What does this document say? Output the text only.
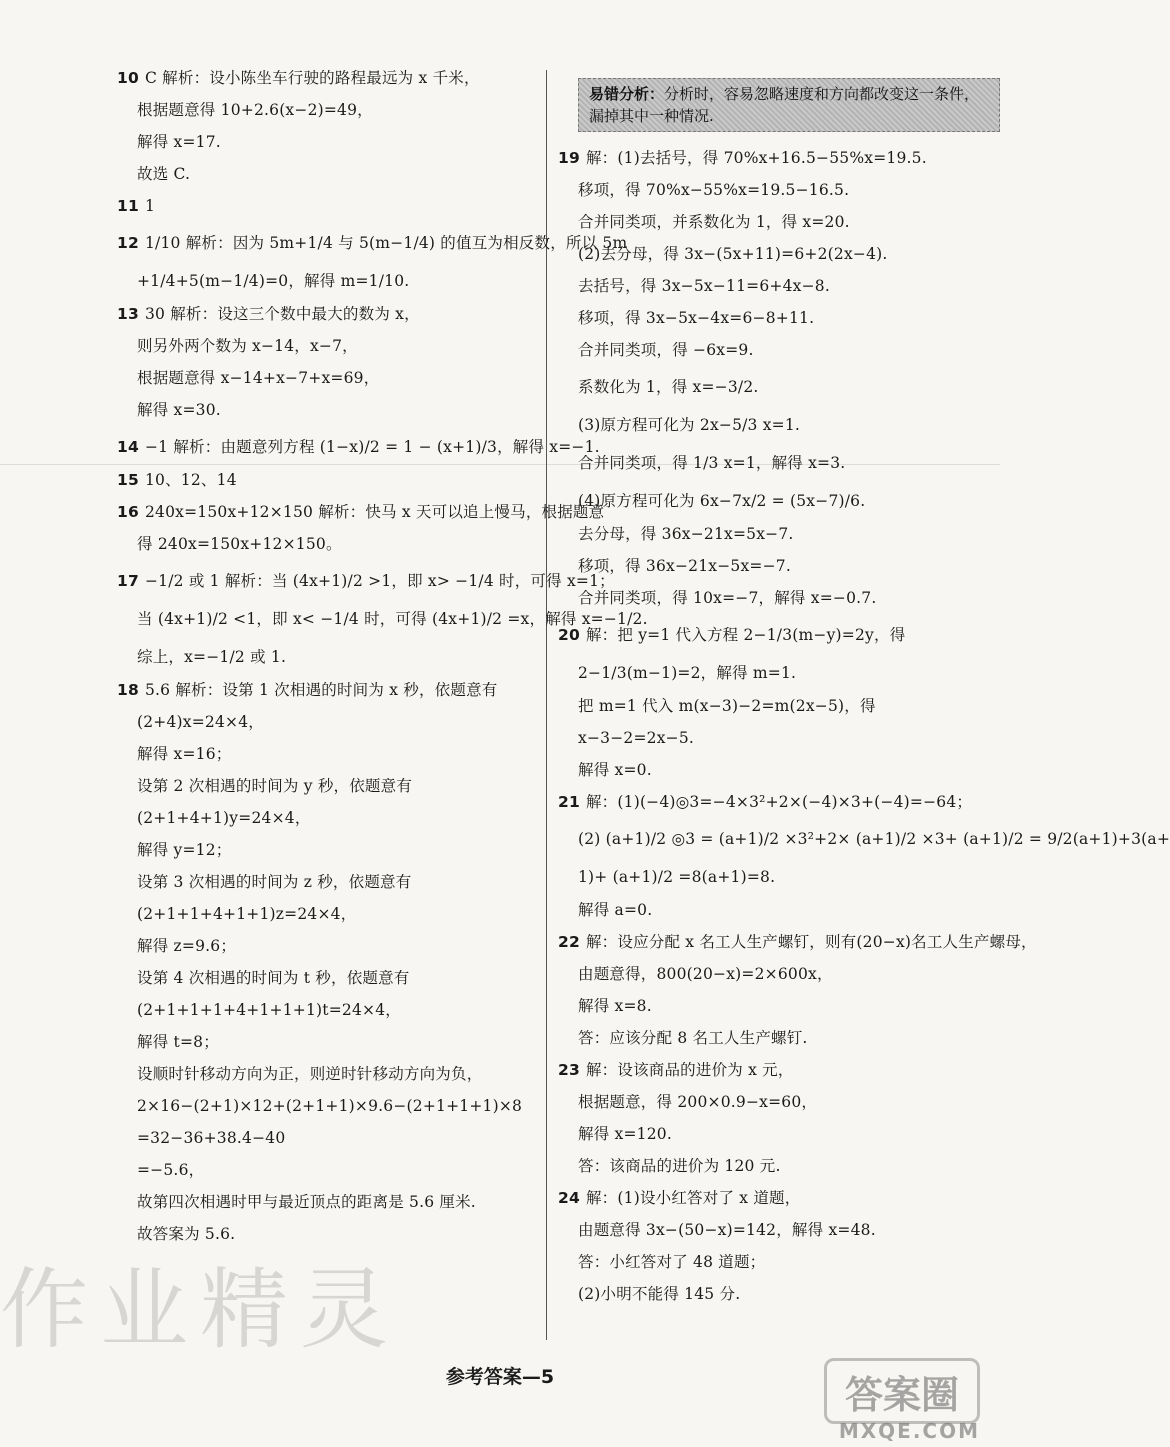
10 C 解析：设小陈坐车行驶的路程最远为 x 千米，
根据题意得 10+2.6(x−2)=49，
解得 x=17.
故选 C.
11 1
12 1/10 解析：因为 5m+1/4 与 5(m−1/4) 的值互为相反数，所以 5m
+1/4+5(m−1/4)=0，解得 m=1/10.
13 30 解析：设这三个数中最大的数为 x，
则另外两个数为 x−14，x−7，
根据题意得 x−14+x−7+x=69，
解得 x=30.
14 −1 解析：由题意列方程 (1−x)/2 = 1 − (x+1)/3，解得 x=−1.
15 10、12、14
16 240x=150x+12×150 解析：快马 x 天可以追上慢马，根据题意
得 240x=150x+12×150。
17 −1/2 或 1 解析：当 (4x+1)/2 >1，即 x> −1/4 时，可得 x=1；
当 (4x+1)/2 <1，即 x< −1/4 时，可得 (4x+1)/2 =x，解得 x=−1/2.
综上，x=−1/2 或 1.
18 5.6 解析：设第 1 次相遇的时间为 x 秒，依题意有
(2+4)x=24×4，
解得 x=16；
设第 2 次相遇的时间为 y 秒，依题意有
(2+1+4+1)y=24×4，
解得 y=12；
设第 3 次相遇的时间为 z 秒，依题意有
(2+1+1+4+1+1)z=24×4，
解得 z=9.6；
设第 4 次相遇的时间为 t 秒，依题意有
(2+1+1+1+4+1+1+1)t=24×4，
解得 t=8；
设顺时针移动方向为正，则逆时针移动方向为负，
2×16−(2+1)×12+(2+1+1)×9.6−(2+1+1+1)×8
=32−36+38.4−40
=−5.6，
故第四次相遇时甲与最近顶点的距离是 5.6 厘米.
故答案为 5.6.
易错分析：分析时，容易忽略速度和方向都改变这一条件，漏掉其中一种情况.
19 解：(1)去括号，得 70%x+16.5−55%x=19.5.
移项，得 70%x−55%x=19.5−16.5.
合并同类项，并系数化为 1，得 x=20.
(2)去分母，得 3x−(5x+11)=6+2(2x−4).
去括号，得 3x−5x−11=6+4x−8.
移项，得 3x−5x−4x=6−8+11.
合并同类项，得 −6x=9.
系数化为 1，得 x=−3/2.
(3)原方程可化为 2x−5/3 x=1.
合并同类项，得 1/3 x=1，解得 x=3.
(4)原方程可化为 6x−7x/2 = (5x−7)/6.
去分母，得 36x−21x=5x−7.
移项，得 36x−21x−5x=−7.
合并同类项，得 10x=−7，解得 x=−0.7.
20 解：把 y=1 代入方程 2−1/3(m−y)=2y，得
2−1/3(m−1)=2，解得 m=1.
把 m=1 代入 m(x−3)−2=m(2x−5)，得
x−3−2=2x−5.
解得 x=0.
21 解：(1)(−4)◎3=−4×3²+2×(−4)×3+(−4)=−64；
(2) (a+1)/2 ◎3 = (a+1)/2 ×3²+2× (a+1)/2 ×3+ (a+1)/2 = 9/2(a+1)+3(a+
1)+ (a+1)/2 =8(a+1)=8.
解得 a=0.
22 解：设应分配 x 名工人生产螺钉，则有(20−x)名工人生产螺母，
由题意得，800(20−x)=2×600x，
解得 x=8.
答：应该分配 8 名工人生产螺钉.
23 解：设该商品的进价为 x 元，
根据题意，得 200×0.9−x=60，
解得 x=120.
答：该商品的进价为 120 元.
24 解：(1)设小红答对了 x 道题，
由题意得 3x−(50−x)=142，解得 x=48.
答：小红答对了 48 道题；
(2)小明不能得 145 分.
参考答案—5
作业精灵
答案圈
MXQE.COM
